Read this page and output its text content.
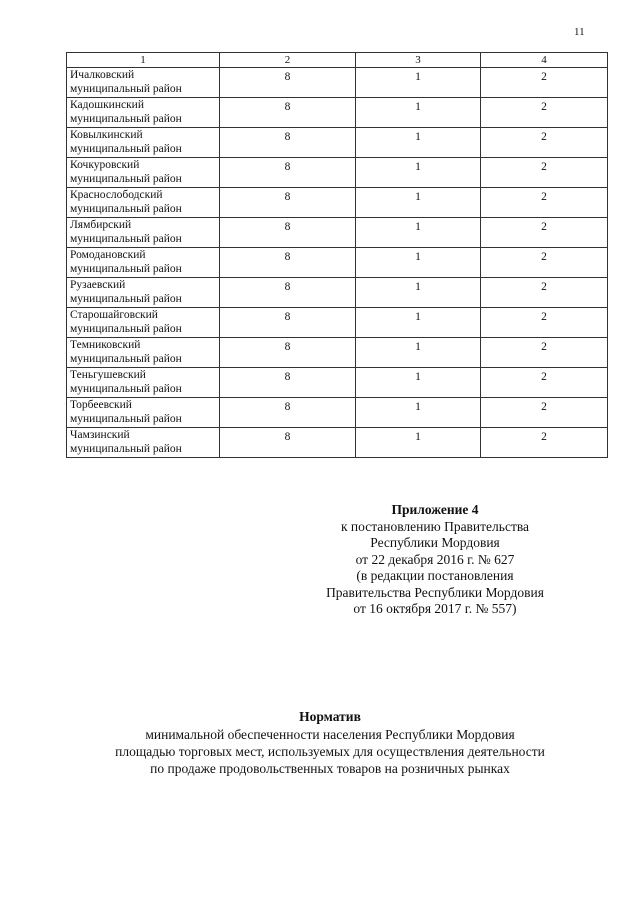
11
1	2	3	4

Ичалковский
муниципальный район	8	1	2

Кадошкинский
муниципальный район	8	1	2

Ковылкинский
муниципальный район	8	1	2

Кочкуровский
муниципальный район	8	1	2

Краснослободский
муниципальный район	8	1	2

Лямбирский
муниципальный район	8	1	2

Ромодановский
муниципальный район	8	1	2

Рузаевский
муниципальный район	8	1	2

Старошайговский
муниципальный район	8	1	2

Темниковский
муниципальный район	8	1	2

Теньгушевский
муниципальный район	8	1	2

Торбеевский
муниципальный район	8	1	2

Чамзинский
муниципальный район	8	1	2
Приложение 4
к постановлению Правительства
Республики Мордовия
от 22 декабря 2016 г. № 627
(в редакции постановления
Правительства Республики Мордовия
от 16 октября 2017 г. № 557)
Норматив
минимальной обеспеченности населения Республики Мордовия
площадью торговых мест, используемых для осуществления деятельности
по продаже продовольственных товаров на розничных рынках
